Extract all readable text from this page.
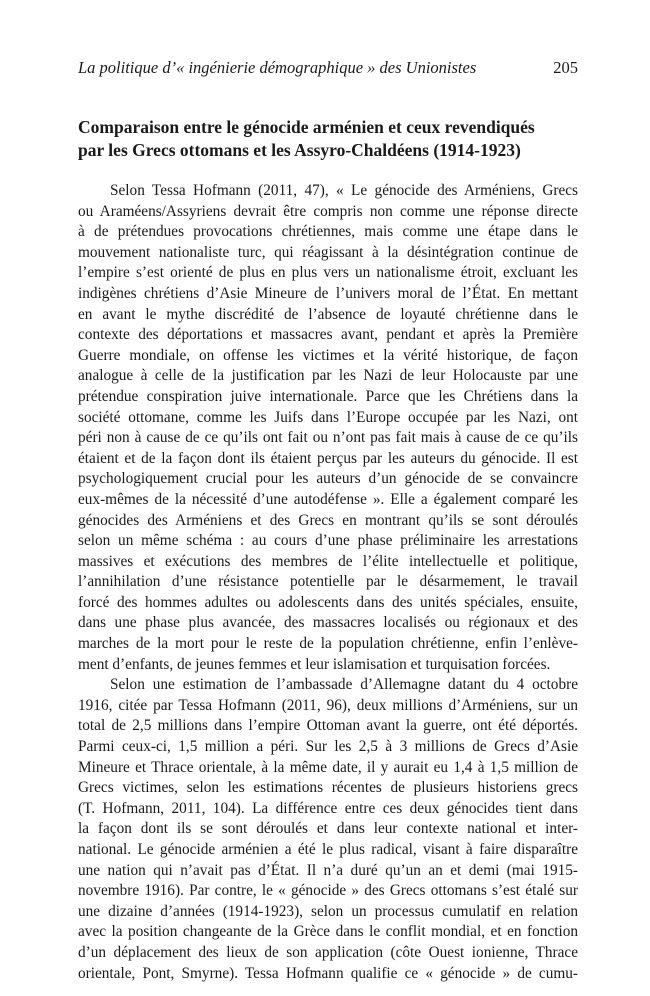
La politique d’« ingénierie démographique » des Unionistes	205
Comparaison entre le génocide arménien et ceux revendiqués
par les Grecs ottomans et les Assyro-Chaldéens (1914-1923)
Selon Tessa Hofmann (2011, 47), « Le génocide des Arméniens, Grecs
ou Araméens/Assyriens devrait être compris non comme une réponse directe
à de prétendues provocations chrétiennes, mais comme une étape dans le
mouvement nationaliste turc, qui réagissant à la désintégration continue de
l’empire s’est orienté de plus en plus vers un nationalisme étroit, excluant les
indigènes chrétiens d’Asie Mineure de l’univers moral de l’État. En mettant
en avant le mythe discrédité de l’absence de loyauté chrétienne dans le
contexte des déportations et massacres avant, pendant et après la Première
Guerre mondiale, on offense les victimes et la vérité historique, de façon
analogue à celle de la justification par les Nazi de leur Holocauste par une
prétendue conspiration juive internationale. Parce que les Chrétiens dans la
société ottomane, comme les Juifs dans l’Europe occupée par les Nazi, ont
péri non à cause de ce qu’ils ont fait ou n’ont pas fait mais à cause de ce qu’ils
étaient et de la façon dont ils étaient perçus par les auteurs du génocide. Il est
psychologiquement crucial pour les auteurs d’un génocide de se convaincre
eux-mêmes de la nécessité d’une autodéfense ». Elle a également comparé les
génocides des Arméniens et des Grecs en montrant qu’ils se sont déroulés
selon un même schéma : au cours d’une phase préliminaire les arrestations
massives et exécutions des membres de l’élite intellectuelle et politique,
l’annihilation d’une résistance potentielle par le désarmement, le travail
forcé des hommes adultes ou adolescents dans des unités spéciales, ensuite,
dans une phase plus avancée, des massacres localisés ou régionaux et des
marches de la mort pour le reste de la population chrétienne, enfin l’enlève-
ment d’enfants, de jeunes femmes et leur islamisation et turquisation forcées.
Selon une estimation de l’ambassade d’Allemagne datant du 4 octobre
1916, citée par Tessa Hofmann (2011, 96), deux millions d’Arméniens, sur un
total de 2,5 millions dans l’empire Ottoman avant la guerre, ont été déportés.
Parmi ceux-ci, 1,5 million a péri. Sur les 2,5 à 3 millions de Grecs d’Asie
Mineure et Thrace orientale, à la même date, il y aurait eu 1,4 à 1,5 million de
Grecs victimes, selon les estimations récentes de plusieurs historiens grecs
(T. Hofmann, 2011, 104). La différence entre ces deux génocides tient dans
la façon dont ils se sont déroulés et dans leur contexte national et inter-
national. Le génocide arménien a été le plus radical, visant à faire disparaître
une nation qui n’avait pas d’État. Il n’a duré qu’un an et demi (mai 1915-
novembre 1916). Par contre, le « génocide » des Grecs ottomans s’est étalé sur
une dizaine d’années (1914-1923), selon un processus cumulatif en relation
avec la position changeante de la Grèce dans le conflit mondial, et en fonction
d’un déplacement des lieux de son application (côte Ouest ionienne, Thrace
orientale, Pont, Smyrne). Tessa Hofmann qualifie ce « génocide » de cumu-
